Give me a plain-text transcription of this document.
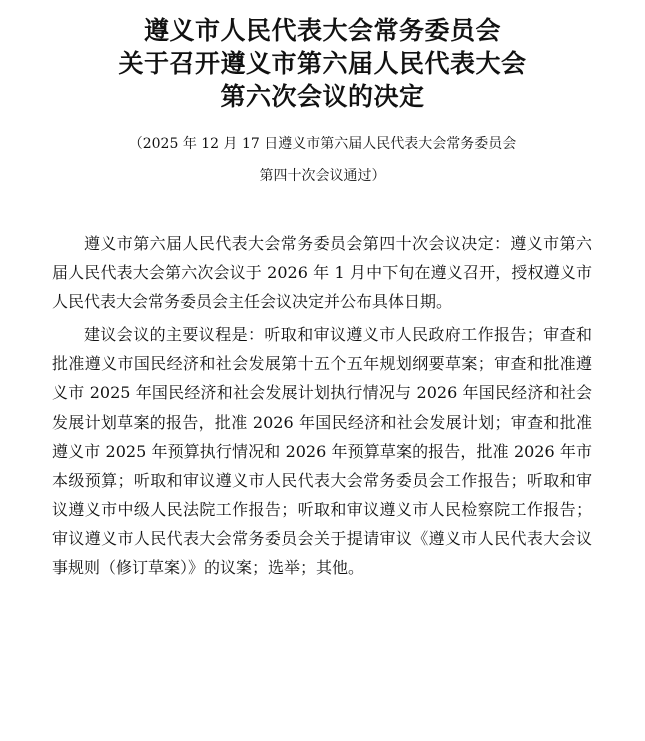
遵义市人民代表大会常务委员会
关于召开遵义市第六届人民代表大会
第六次会议的决定
（2025 年 12 月 17 日遵义市第六届人民代表大会常务委员会
第四十次会议通过）

遵义市第六届人民代表大会常务委员会第四十次会议决定：遵义市第六届人民代表大会第六次会议于 2026 年 1 月中下旬在遵义召开，授权遵义市人民代表大会常务委员会主任会议决定并公布具体日期。

建议会议的主要议程是：听取和审议遵义市人民政府工作报告；审查和批准遵义市国民经济和社会发展第十五个五年规划纲要草案；审查和批准遵义市 2025 年国民经济和社会发展计划执行情况与 2026 年国民经济和社会发展计划草案的报告，批准 2026 年国民经济和社会发展计划；审查和批准遵义市 2025 年预算执行情况和 2026 年预算草案的报告，批准 2026 年市本级预算；听取和审议遵义市人民代表大会常务委员会工作报告；听取和审议遵义市中级人民法院工作报告；听取和审议遵义市人民检察院工作报告；审议遵义市人民代表大会常务委员会关于提请审议《遵义市人民代表大会议事规则（修订草案）》的议案；选举；其他。
